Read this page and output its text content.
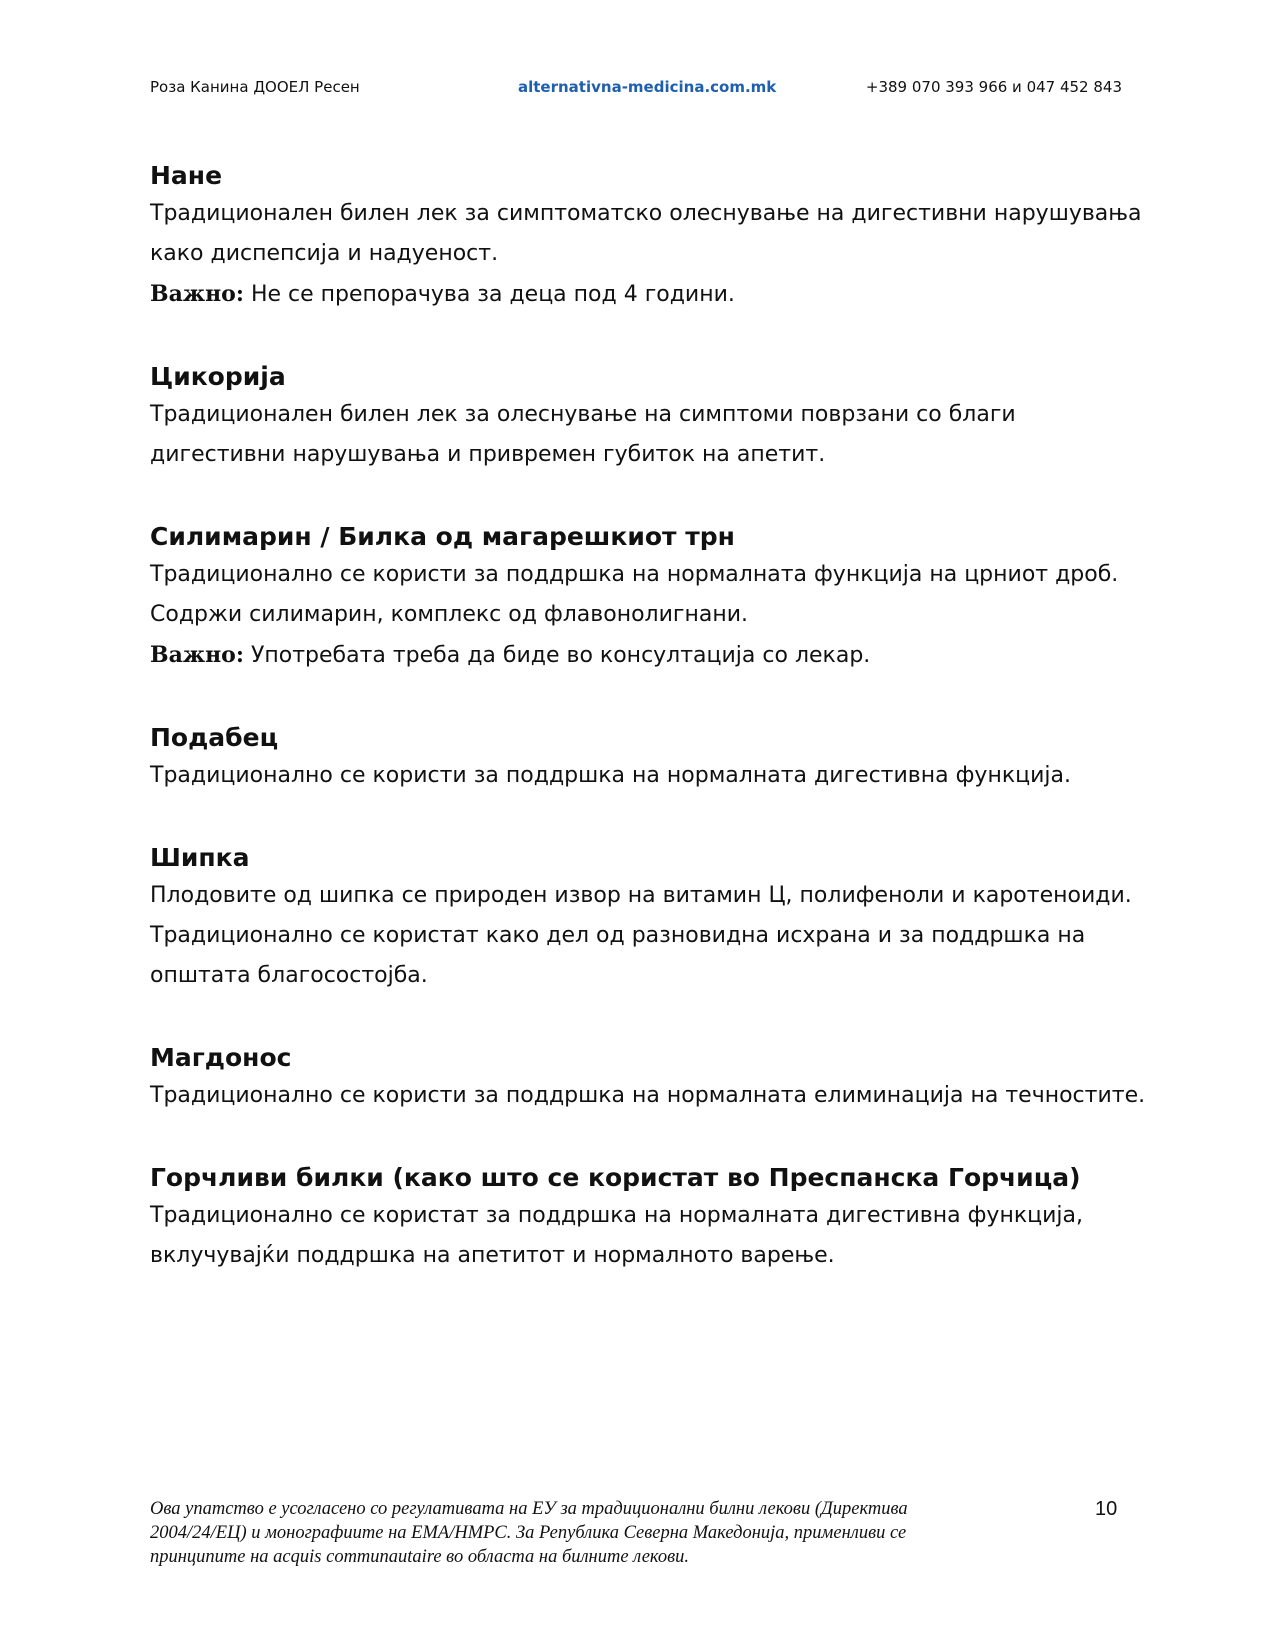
Роза Канина ДООЕЛ Ресен	alternativna-medicina.com.mk	+389 070 393 966 и 047 452 843
Нане

Традиционален билен лек за симптоматско олеснување на дигестивни нарушувања

како диспепсија и надуеност.

Важно: Не се препорачува за деца под 4 години.

Цикорија

Традиционален билен лек за олеснување на симптоми поврзани со благи

дигестивни нарушувања и привремен губиток на апетит.

Силимарин / Билка од магарешкиот трн

Традиционално се користи за поддршка на нормалната функција на црниот дроб.

Содржи силимарин, комплекс од флавонолигнани.

Важно: Употребата треба да биде во консултација со лекар.

Подабец

Традиционално се користи за поддршка на нормалната дигестивна функција.

Шипка

Плодовите од шипка се природен извор на витамин Ц, полифеноли и каротеноиди.

Традиционално се користат како дел од разновидна исхрана и за поддршка на

општата благосостојба.

Магдонос

Традиционално се користи за поддршка на нормалната елиминација на течностите.

Горчливи билки (како што се користат во Преспанска Горчица)

Традиционално се користат за поддршка на нормалната дигестивна функција,

вклучувајќи поддршка на апетитот и нормалното варење.

Ова упатство е усогласено со регулативата на ЕУ за традиционални билни лекови (Директива

2004/24/ЕЦ) и монографиите на ЕМА/HMPC. За Република Северна Македонија, применливи се

принципите на acquis communautaire во областа на билните лекови.

10
